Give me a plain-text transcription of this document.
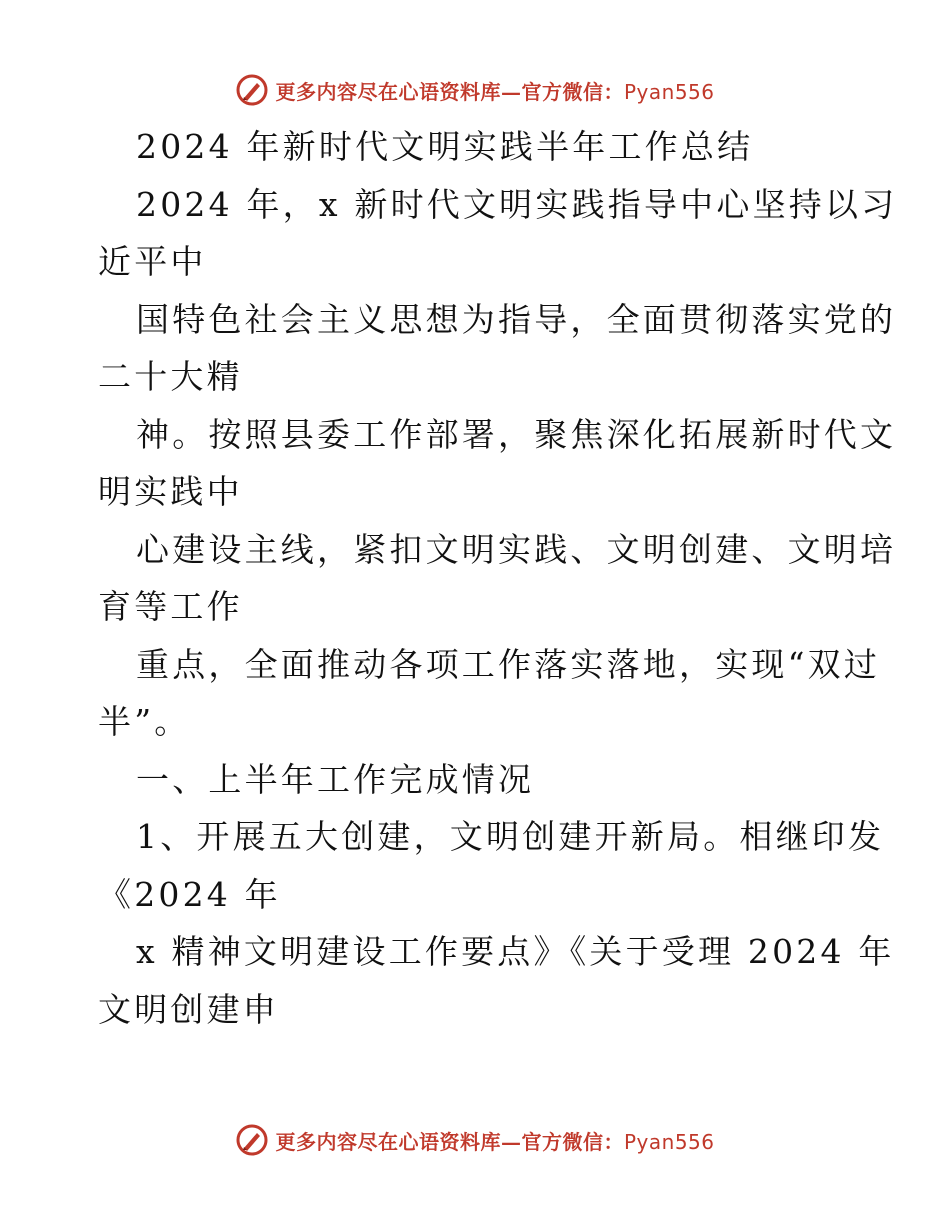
更多内容尽在心语资料库—官方微信：Pyan556
2024 年新时代文明实践半年工作总结
2024 年，x 新时代文明实践指导中心坚持以习
近平中
国特色社会主义思想为指导，全面贯彻落实党的
二十大精
神。按照县委工作部署，聚焦深化拓展新时代文
明实践中
心建设主线，紧扣文明实践、文明创建、文明培
育等工作
重点，全面推动各项工作落实落地，实现“双过
半”。
一、上半年工作完成情况
1、开展五大创建，文明创建开新局。相继印发
《2024 年
x 精神文明建设工作要点》《关于受理 2024 年
文明创建申
更多内容尽在心语资料库—官方微信：Pyan556
